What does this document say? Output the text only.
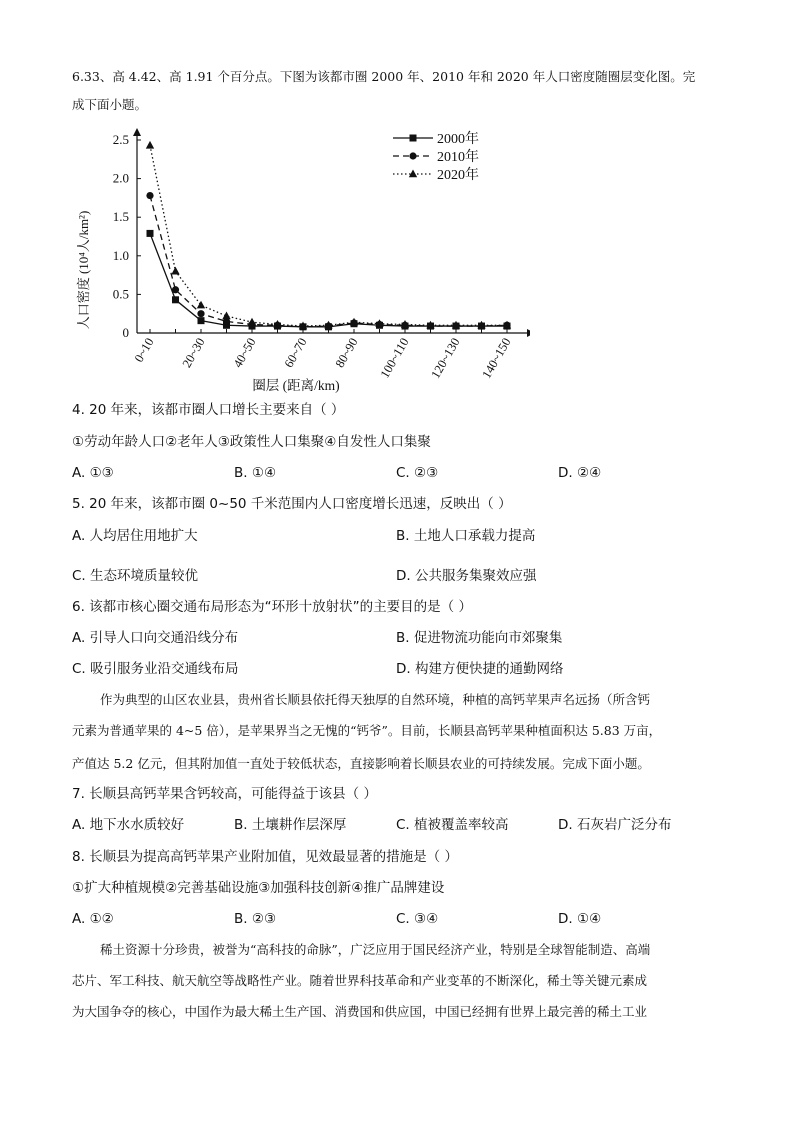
6.33、高 4.42、高 1.91 个百分点。下图为该都市圈 2000 年、2010 年和 2020 年人口密度随圈层变化图。完
成下面小题。
0
0.5
1.0
1.5
2.0
2.5
0~10 20~30 40~50 60~70 80~90 100~110 120~130 140~150
2000年
2010年
2020年
人口密度 (10⁴人/km²)
圈层 (距离/km)
4. 20 年来，该都市圈人口增长主要来自（ ）
①劳动年龄人口②老年人③政策性人口集聚④自发性人口集聚
A. ①③	B. ①④	C. ②③	D. ②④
5. 20 年来，该都市圈 0~50 千米范围内人口密度增长迅速，反映出（ ）
A. 人均居住用地扩大	B. 土地人口承载力提高
C. 生态环境质量较优	D. 公共服务集聚效应强
6. 该都市核心圈交通布局形态为“环形十放射状”的主要目的是（ ）
A. 引导人口向交通沿线分布	B. 促进物流功能向市郊聚集
C. 吸引服务业沿交通线布局	D. 构建方便快捷的通勤网络
作为典型的山区农业县，贵州省长顺县依托得天独厚的自然环境，种植的高钙苹果声名远扬（所含钙
元素为普通苹果的 4~5 倍），是苹果界当之无愧的“钙爷”。目前，长顺县高钙苹果种植面积达 5.83 万亩，
产值达 5.2 亿元，但其附加值一直处于较低状态，直接影响着长顺县农业的可持续发展。完成下面小题。
7. 长顺县高钙苹果含钙较高，可能得益于该县（ ）
A. 地下水水质较好	B. 土壤耕作层深厚	C. 植被覆盖率较高	D. 石灰岩广泛分布
8. 长顺县为提高高钙苹果产业附加值，见效最显著的措施是（ ）
①扩大种植规模②完善基础设施③加强科技创新④推广品牌建设
A. ①②	B. ②③	C. ③④	D. ①④
稀土资源十分珍贵，被誉为“高科技的命脉”，广泛应用于国民经济产业，特别是全球智能制造、高端
芯片、军工科技、航天航空等战略性产业。随着世界科技革命和产业变革的不断深化，稀土等关键元素成
为大国争夺的核心，中国作为最大稀土生产国、消费国和供应国，中国已经拥有世界上最完善的稀土工业
